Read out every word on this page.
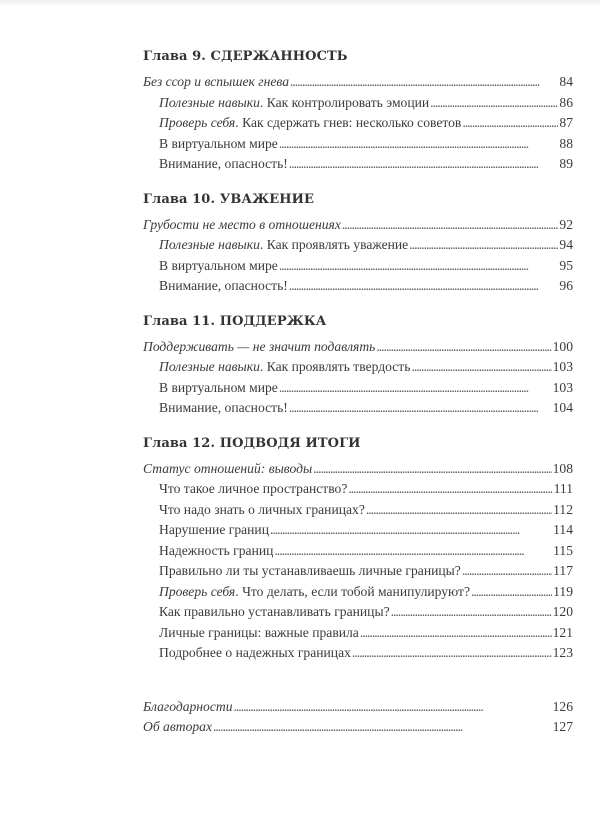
Глава 9. СДЕРЖАННОСТЬ
Без ссор и вспышек гнева . . .	84
Полезные навыки. Как контролировать эмоции . . .	86
Проверь себя. Как сдержать гнев: несколько советов . . .	87
В виртуальном мире . . .	88
Внимание, опасность! . . .	89
Глава 10. УВАЖЕНИЕ
Грубости не место в отношениях . . .	92
Полезные навыки. Как проявлять уважение . . .	94
В виртуальном мире . . .	95
Внимание, опасность! . . .	96
Глава 11. ПОДДЕРЖКА
Поддерживать — не значит подавлять . . .	100
Полезные навыки. Как проявлять твердость . . .	103
В виртуальном мире . . .	103
Внимание, опасность! . . .	104
Глава 12. ПОДВОДЯ ИТОГИ
Статус отношений: выводы . . .	108
Что такое личное пространство? . . .	111
Что надо знать о личных границах? . . .	112
Нарушение границ . . .	114
Надежность границ . . .	115
Правильно ли ты устанавливаешь личные границы? . . .	117
Проверь себя. Что делать, если тобой манипулируют? . . .	119
Как правильно устанавливать границы? . . .	120
Личные границы: важные правила . . .	121
Подробнее о надежных границах . . .	123
Благодарности . . .	126
Об авторах . . .	127
